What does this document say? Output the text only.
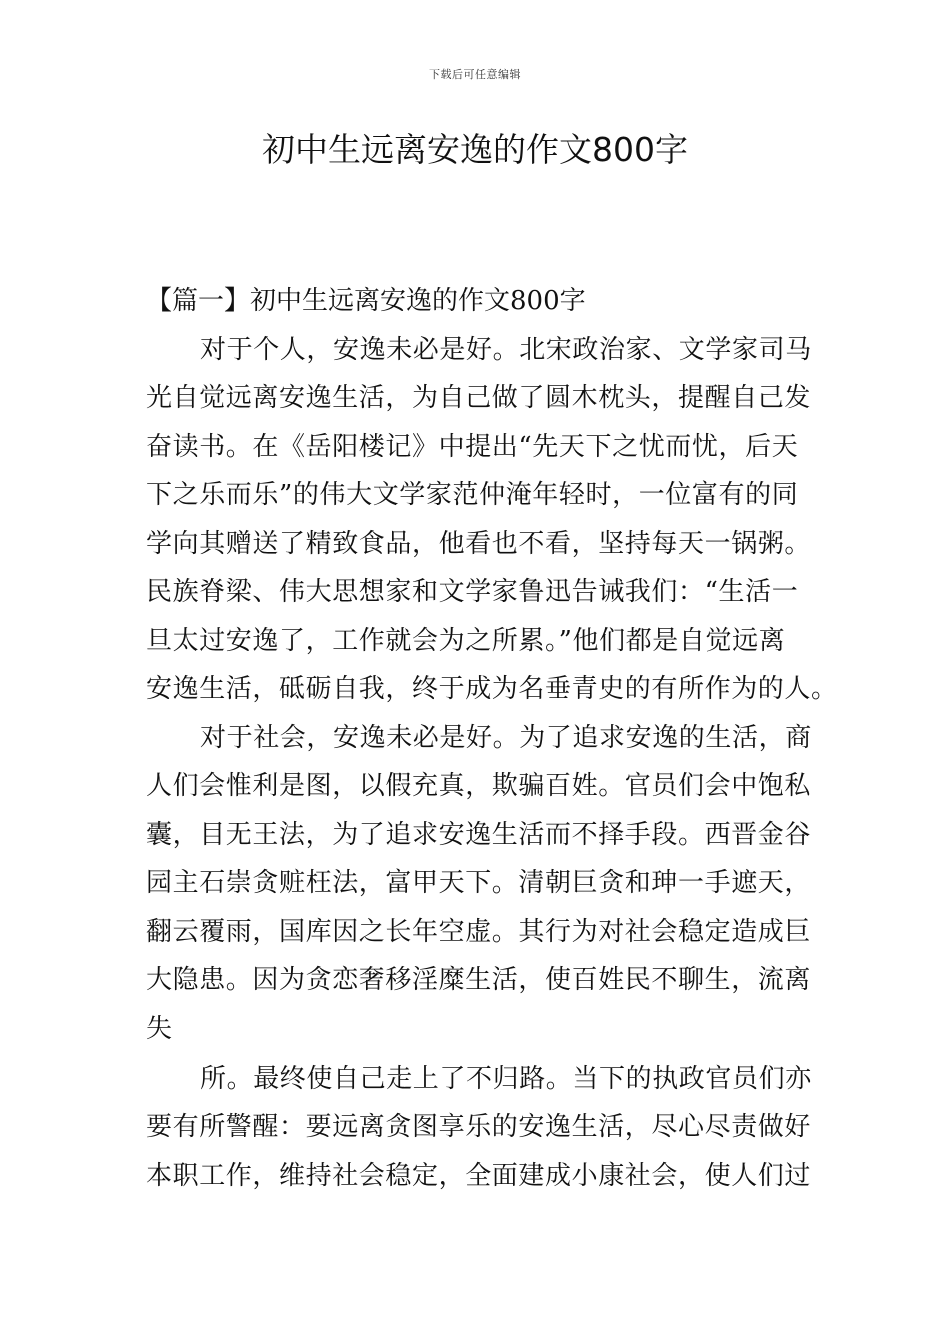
下载后可任意编辑
初中生远离安逸的作文800字
【篇一】初中生远离安逸的作文800字
对于个人，安逸未必是好。北宋政治家、文学家司马
光自觉远离安逸生活，为自己做了圆木枕头，提醒自己发
奋读书。在《岳阳楼记》中提出“先天下之忧而忧，后天
下之乐而乐”的伟大文学家范仲淹年轻时，一位富有的同
学向其赠送了精致食品，他看也不看，坚持每天一锅粥。
民族脊梁、伟大思想家和文学家鲁迅告诫我们：“生活一
旦太过安逸了，工作就会为之所累。”他们都是自觉远离
安逸生活，砥砺自我，终于成为名垂青史的有所作为的人。
对于社会，安逸未必是好。为了追求安逸的生活，商
人们会惟利是图，以假充真，欺骗百姓。官员们会中饱私
囊，目无王法，为了追求安逸生活而不择手段。西晋金谷
园主石崇贪赃枉法，富甲天下。清朝巨贪和珅一手遮天，
翻云覆雨，国库因之长年空虚。其行为对社会稳定造成巨
大隐患。因为贪恋奢移淫糜生活，使百姓民不聊生，流离
失
所。最终使自己走上了不归路。当下的执政官员们亦
要有所警醒：要远离贪图享乐的安逸生活，尽心尽责做好
本职工作，维持社会稳定，全面建成小康社会，使人们过
